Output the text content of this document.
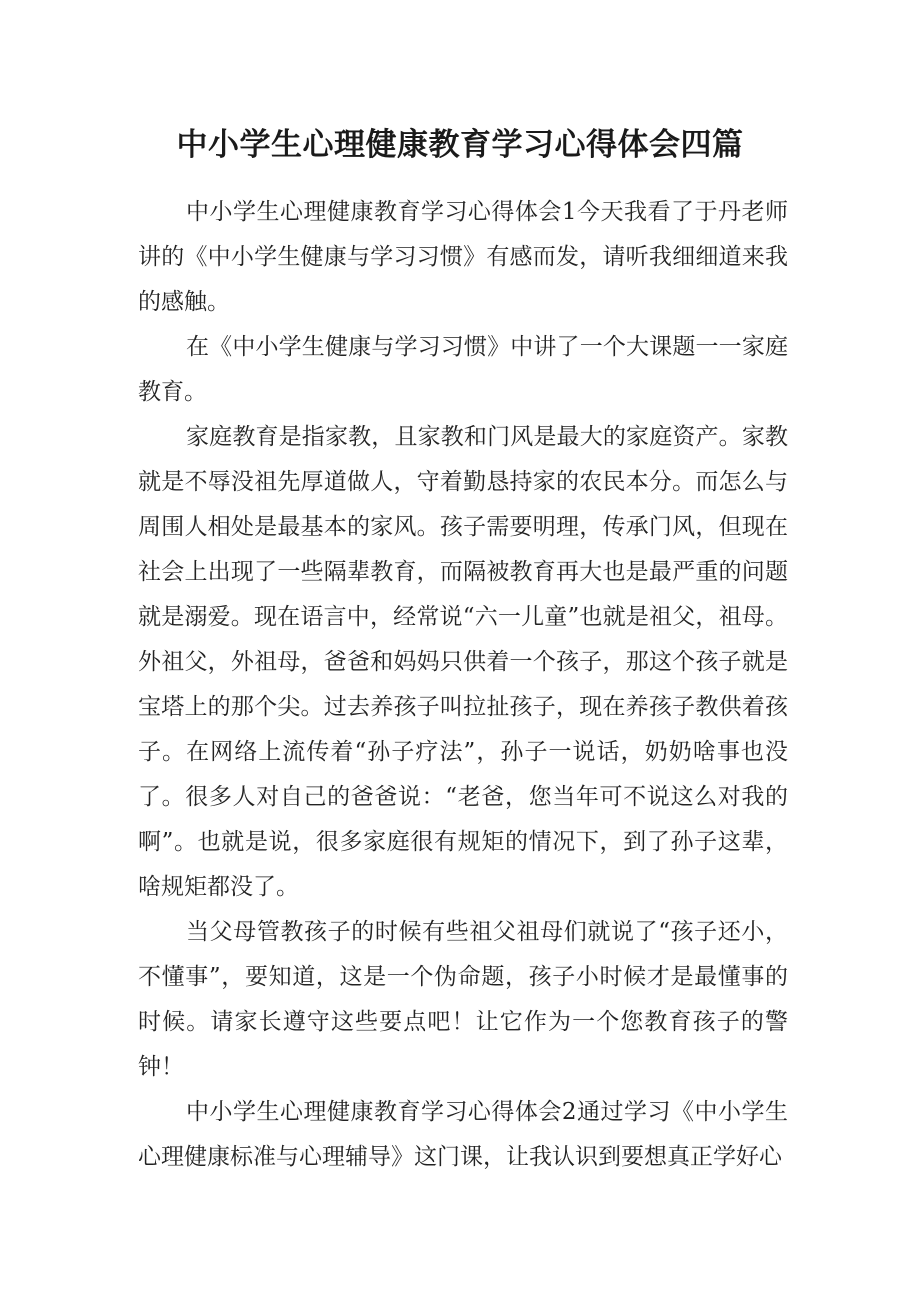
中小学生心理健康教育学习心得体会四篇

中小学生心理健康教育学习心得体会1今天我看了于丹老师讲的《中小学生健康与学习习惯》有感而发，请听我细细道来我的感触。

在《中小学生健康与学习习惯》中讲了一个大课题一一家庭教育。

家庭教育是指家教，且家教和门风是最大的家庭资产。家教就是不辱没祖先厚道做人，守着勤恳持家的农民本分。而怎么与周围人相处是最基本的家风。孩子需要明理，传承门风，但现在社会上出现了一些隔辈教育，而隔被教育再大也是最严重的问题就是溺爱。现在语言中，经常说“六一儿童”也就是祖父，祖母。外祖父，外祖母，爸爸和妈妈只供着一个孩子，那这个孩子就是宝塔上的那个尖。过去养孩子叫拉扯孩子，现在养孩子教供着孩子。在网络上流传着“孙子疗法”，孙子一说话，奶奶啥事也没了。很多人对自己的爸爸说：“老爸，您当年可不说这么对我的啊”。也就是说，很多家庭很有规矩的情况下，到了孙子这辈，啥规矩都没了。

当父母管教孩子的时候有些祖父祖母们就说了“孩子还小，不懂事”，要知道，这是一个伪命题，孩子小时候才是最懂事的时候。请家长遵守这些要点吧！让它作为一个您教育孩子的警钟！

中小学生心理健康教育学习心得体会2通过学习《中小学生心理健康标准与心理辅导》这门课，让我认识到要想真正学好心
